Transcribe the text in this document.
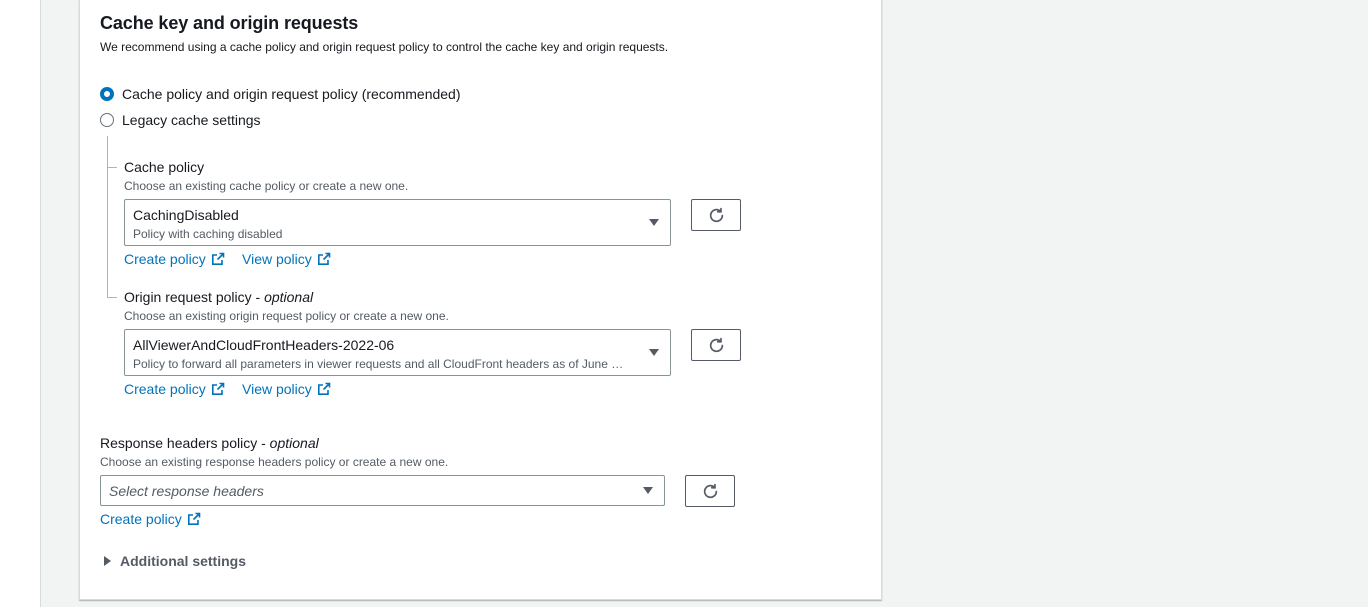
Cache key and origin requests
We recommend using a cache policy and origin request policy to control the cache key and origin requests.
Cache policy and origin request policy (recommended)
Legacy cache settings
Cache policy
Choose an existing cache policy or create a new one.
CachingDisabled
Policy with caching disabled
Create policy	View policy
Origin request policy - optional
Choose an existing origin request policy or create a new one.
AllViewerAndCloudFrontHeaders-2022-06
Policy to forward all parameters in viewer requests and all CloudFront headers as of June …
Create policy	View policy
Response headers policy - optional
Choose an existing response headers policy or create a new one.
Select response headers
Create policy
Additional settings
